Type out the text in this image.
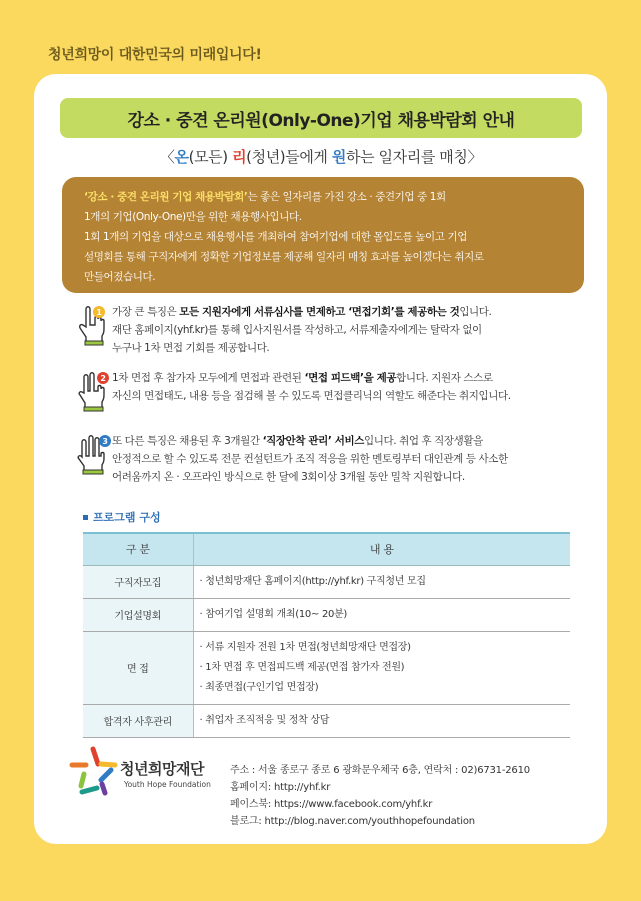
청년희망이 대한민국의 미래입니다!
강소 · 중견 온리원(Only-One)기업 채용박람회 안내
〈온(모든) 리(청년)들에게 원하는 일자리를 매칭〉
‘강소 · 중견 온리원 기업 채용박람회’는 좋은 일자리를 가진 강소 · 중견기업 중 1회
1개의 기업(Only-One)만을 위한 채용행사입니다.
1회 1개의 기업을 대상으로 채용행사를 개최하여 참여기업에 대한 몰입도를 높이고 기업
설명회를 통해 구직자에게 정확한 기업정보를 제공해 일자리 매칭 효과를 높이겠다는 취지로
만들어졌습니다.
1 가장 큰 특징은 모든 지원자에게 서류심사를 면제하고 ‘면접기회’를 제공하는 것입니다.
재단 홈페이지(yhf.kr)를 통해 입사지원서를 작성하고, 서류제출자에게는 탈락자 없이
누구나 1차 면접 기회를 제공합니다.
2 1차 면접 후 참가자 모두에게 면접과 관련된 ‘면접 피드백’을 제공합니다. 지원자 스스로
자신의 면접태도, 내용 등을 점검해 볼 수 있도록 면접클리닉의 역할도 해준다는 취지입니다.
3 또 다른 특징은 채용된 후 3개월간 ‘직장안착 관리’ 서비스입니다. 취업 후 직장생활을
안정적으로 할 수 있도록 전문 컨설턴트가 조직 적응을 위한 멘토링부터 대인관계 등 사소한
어려움까지 온 · 오프라인 방식으로 한 달에 3회이상 3개월 동안 밀착 지원합니다.
프로그램 구성
구 분	내 용
구직자모집	· 청년희망재단 홈페이지(http://yhf.kr) 구직청년 모집

기업설명회	· 참여기업 설명회 개최(10~ 20분)

면 접	· 서류 지원자 전원 1차 면접(청년희망재단 면접장)
· 1차 면접 후 면접피드백 제공(면접 참가자 전원)
· 최종면접(구인기업 면접장)

합격자 사후관리	· 취업자 조직적응 및 정착 상담
청년희망재단
Youth Hope Foundation
주소 : 서울 종로구 종로 6 광화문우체국 6층, 연락처 : 02)6731-2610
홈페이지: http://yhf.kr
페이스북: https://www.facebook.com/yhf.kr
블로그: http://blog.naver.com/youthhopefoundation
